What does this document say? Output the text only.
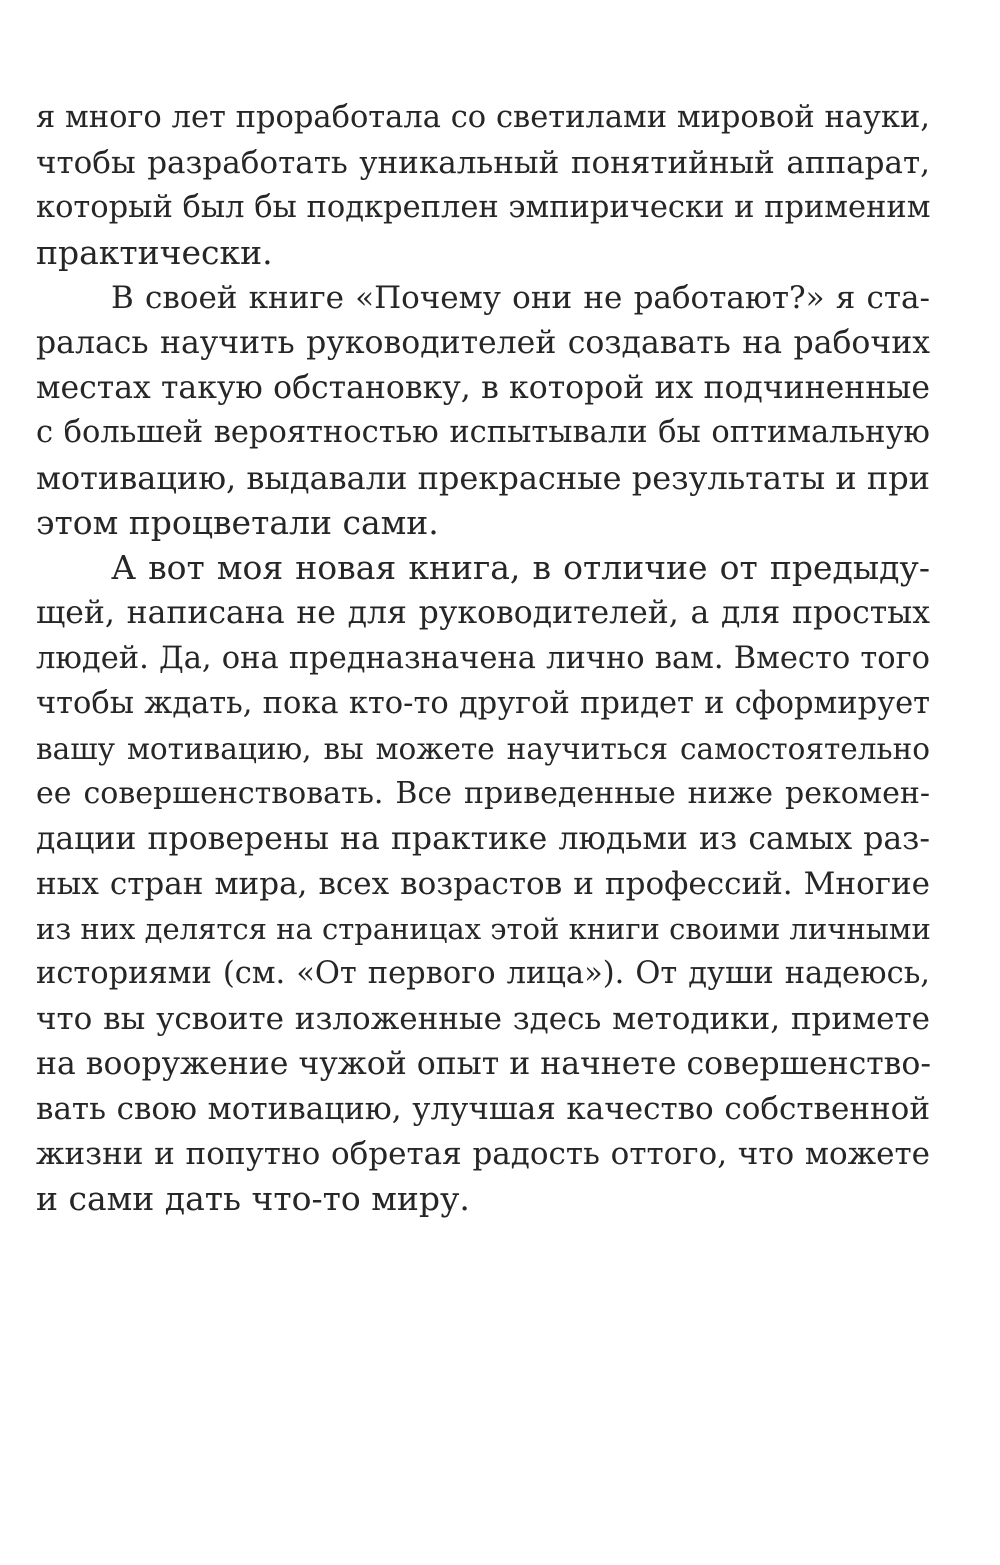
я много лет проработала со светилами мировой науки,
чтобы разработать уникальный понятийный аппарат,
который был бы подкреплен эмпирически и применим
практически.
В своей книге «Почему они не работают?» я ста-
ралась научить руководителей создавать на рабочих
местах такую обстановку, в которой их подчиненные
с большей вероятностью испытывали бы оптимальную
мотивацию, выдавали прекрасные результаты и при
этом процветали сами.
А вот моя новая книга, в отличие от предыду-
щей, написана не для руководителей, а для простых
людей. Да, она предназначена лично вам. Вместо того
чтобы ждать, пока кто-то другой придет и сформирует
вашу мотивацию, вы можете научиться самостоятельно
ее совершенствовать. Все приведенные ниже рекомен-
дации проверены на практике людьми из самых раз-
ных стран мира, всех возрастов и профессий. Многие
из них делятся на страницах этой книги своими личными
историями (см. «От первого лица»). От души надеюсь,
что вы усвоите изложенные здесь методики, примете
на вооружение чужой опыт и начнете совершенство-
вать свою мотивацию, улучшая качество собственной
жизни и попутно обретая радость оттого, что можете
и сами дать что-то миру.
